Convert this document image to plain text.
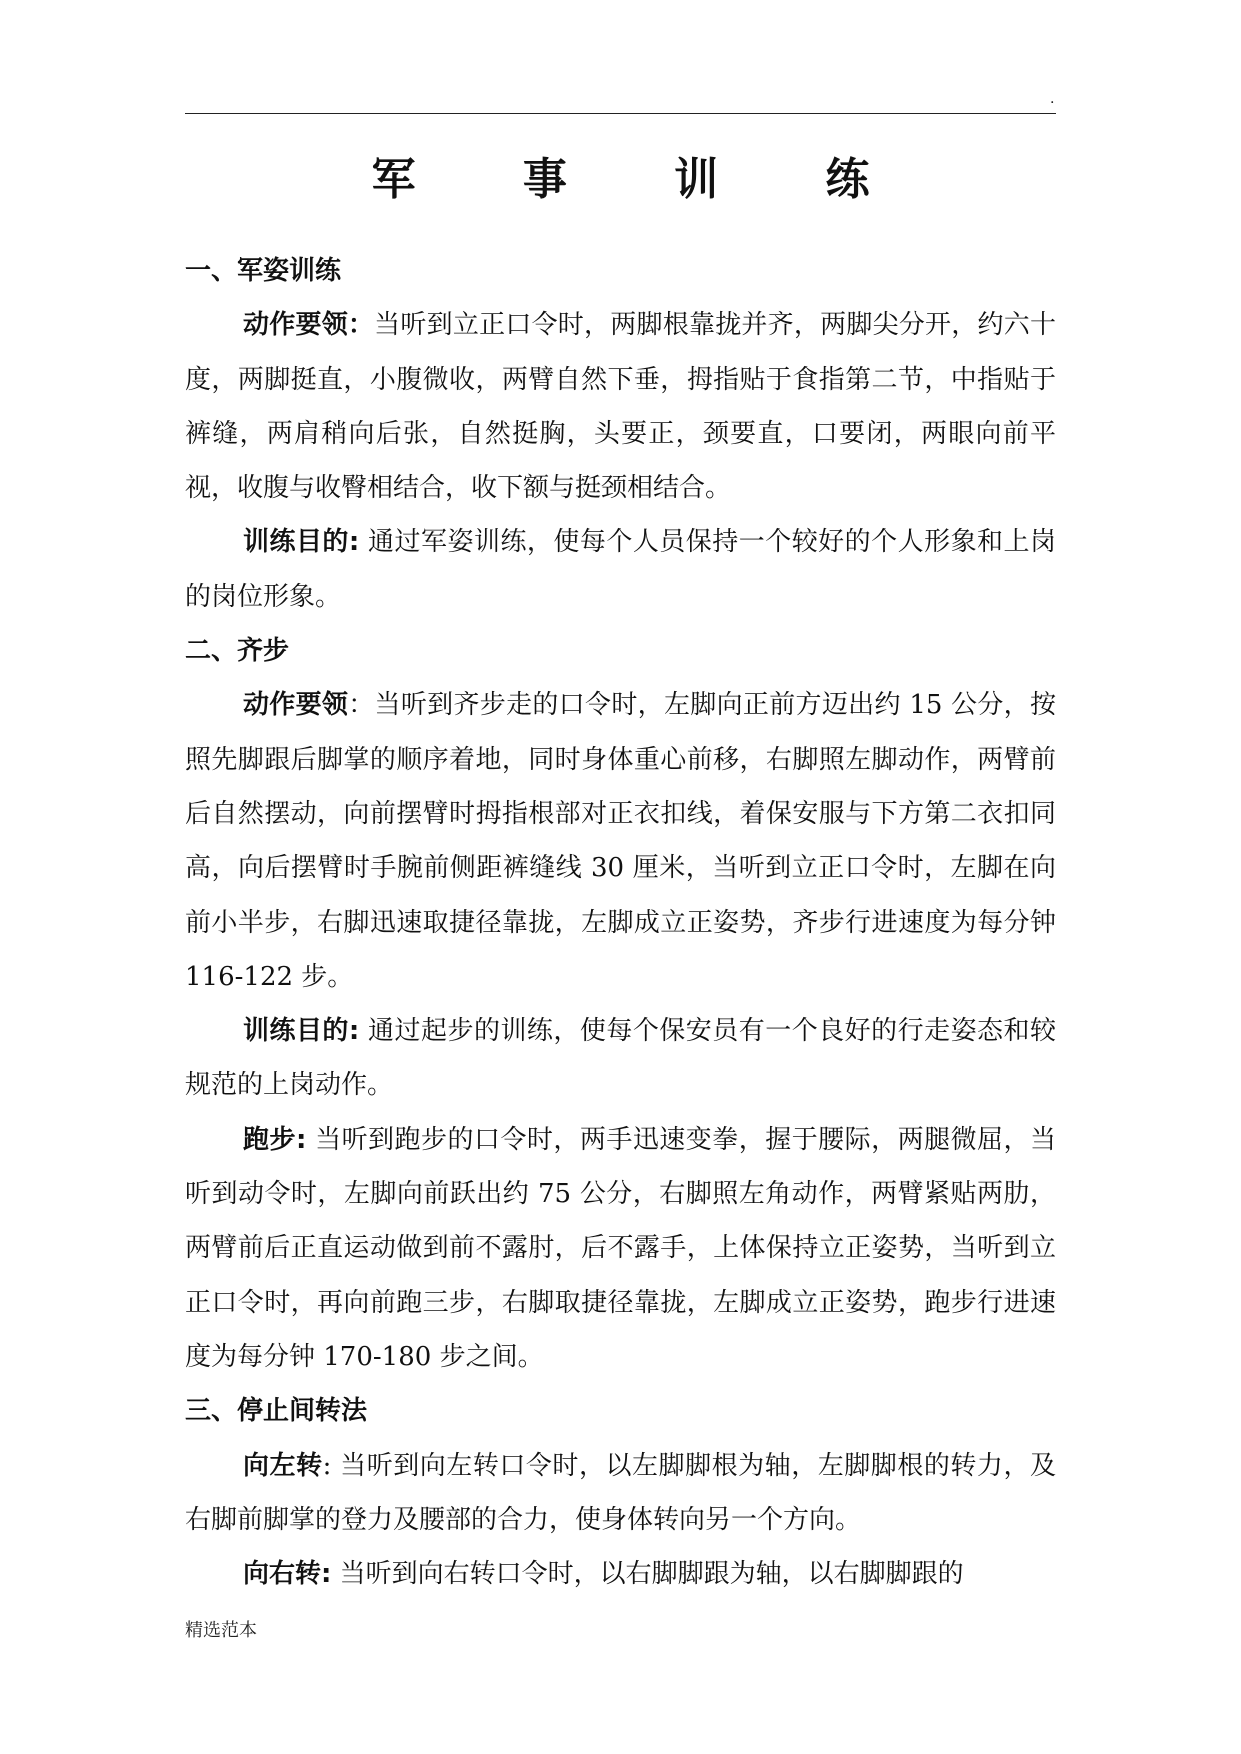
.
军 事 训 练

一、军姿训练

动作要领：当听到立正口令时，两脚根靠拢并齐，两脚尖分开，约六十度，两脚挺直，小腹微收，两臂自然下垂，拇指贴于食指第二节，中指贴于裤缝，两肩稍向后张，自然挺胸，头要正，颈要直，口要闭，两眼向前平视，收腹与收臀相结合，收下额与挺颈相结合。

训练目的: 通过军姿训练，使每个人员保持一个较好的个人形象和上岗的岗位形象。

二、齐步

动作要领：当听到齐步走的口令时，左脚向正前方迈出约 15 公分，按照先脚跟后脚掌的顺序着地，同时身体重心前移，右脚照左脚动作，两臂前后自然摆动，向前摆臂时拇指根部对正衣扣线，着保安服与下方第二衣扣同高，向后摆臂时手腕前侧距裤缝线 30 厘米，当听到立正口令时，左脚在向前小半步，右脚迅速取捷径靠拢，左脚成立正姿势，齐步行进速度为每分钟 116-122 步。

训练目的: 通过起步的训练，使每个保安员有一个良好的行走姿态和较规范的上岗动作。

跑步: 当听到跑步的口令时，两手迅速变拳，握于腰际，两腿微屈，当听到动令时，左脚向前跃出约 75 公分，右脚照左角动作，两臂紧贴两肋，两臂前后正直运动做到前不露肘，后不露手，上体保持立正姿势，当听到立正口令时，再向前跑三步，右脚取捷径靠拢，左脚成立正姿势，跑步行进速度为每分钟 170-180 步之间。

三、停止间转法

向左转: 当听到向左转口令时，以左脚脚根为轴，左脚脚根的转力，及右脚前脚掌的登力及腰部的合力，使身体转向另一个方向。

向右转: 当听到向右转口令时，以右脚脚跟为轴，以右脚脚跟的

精选范本
